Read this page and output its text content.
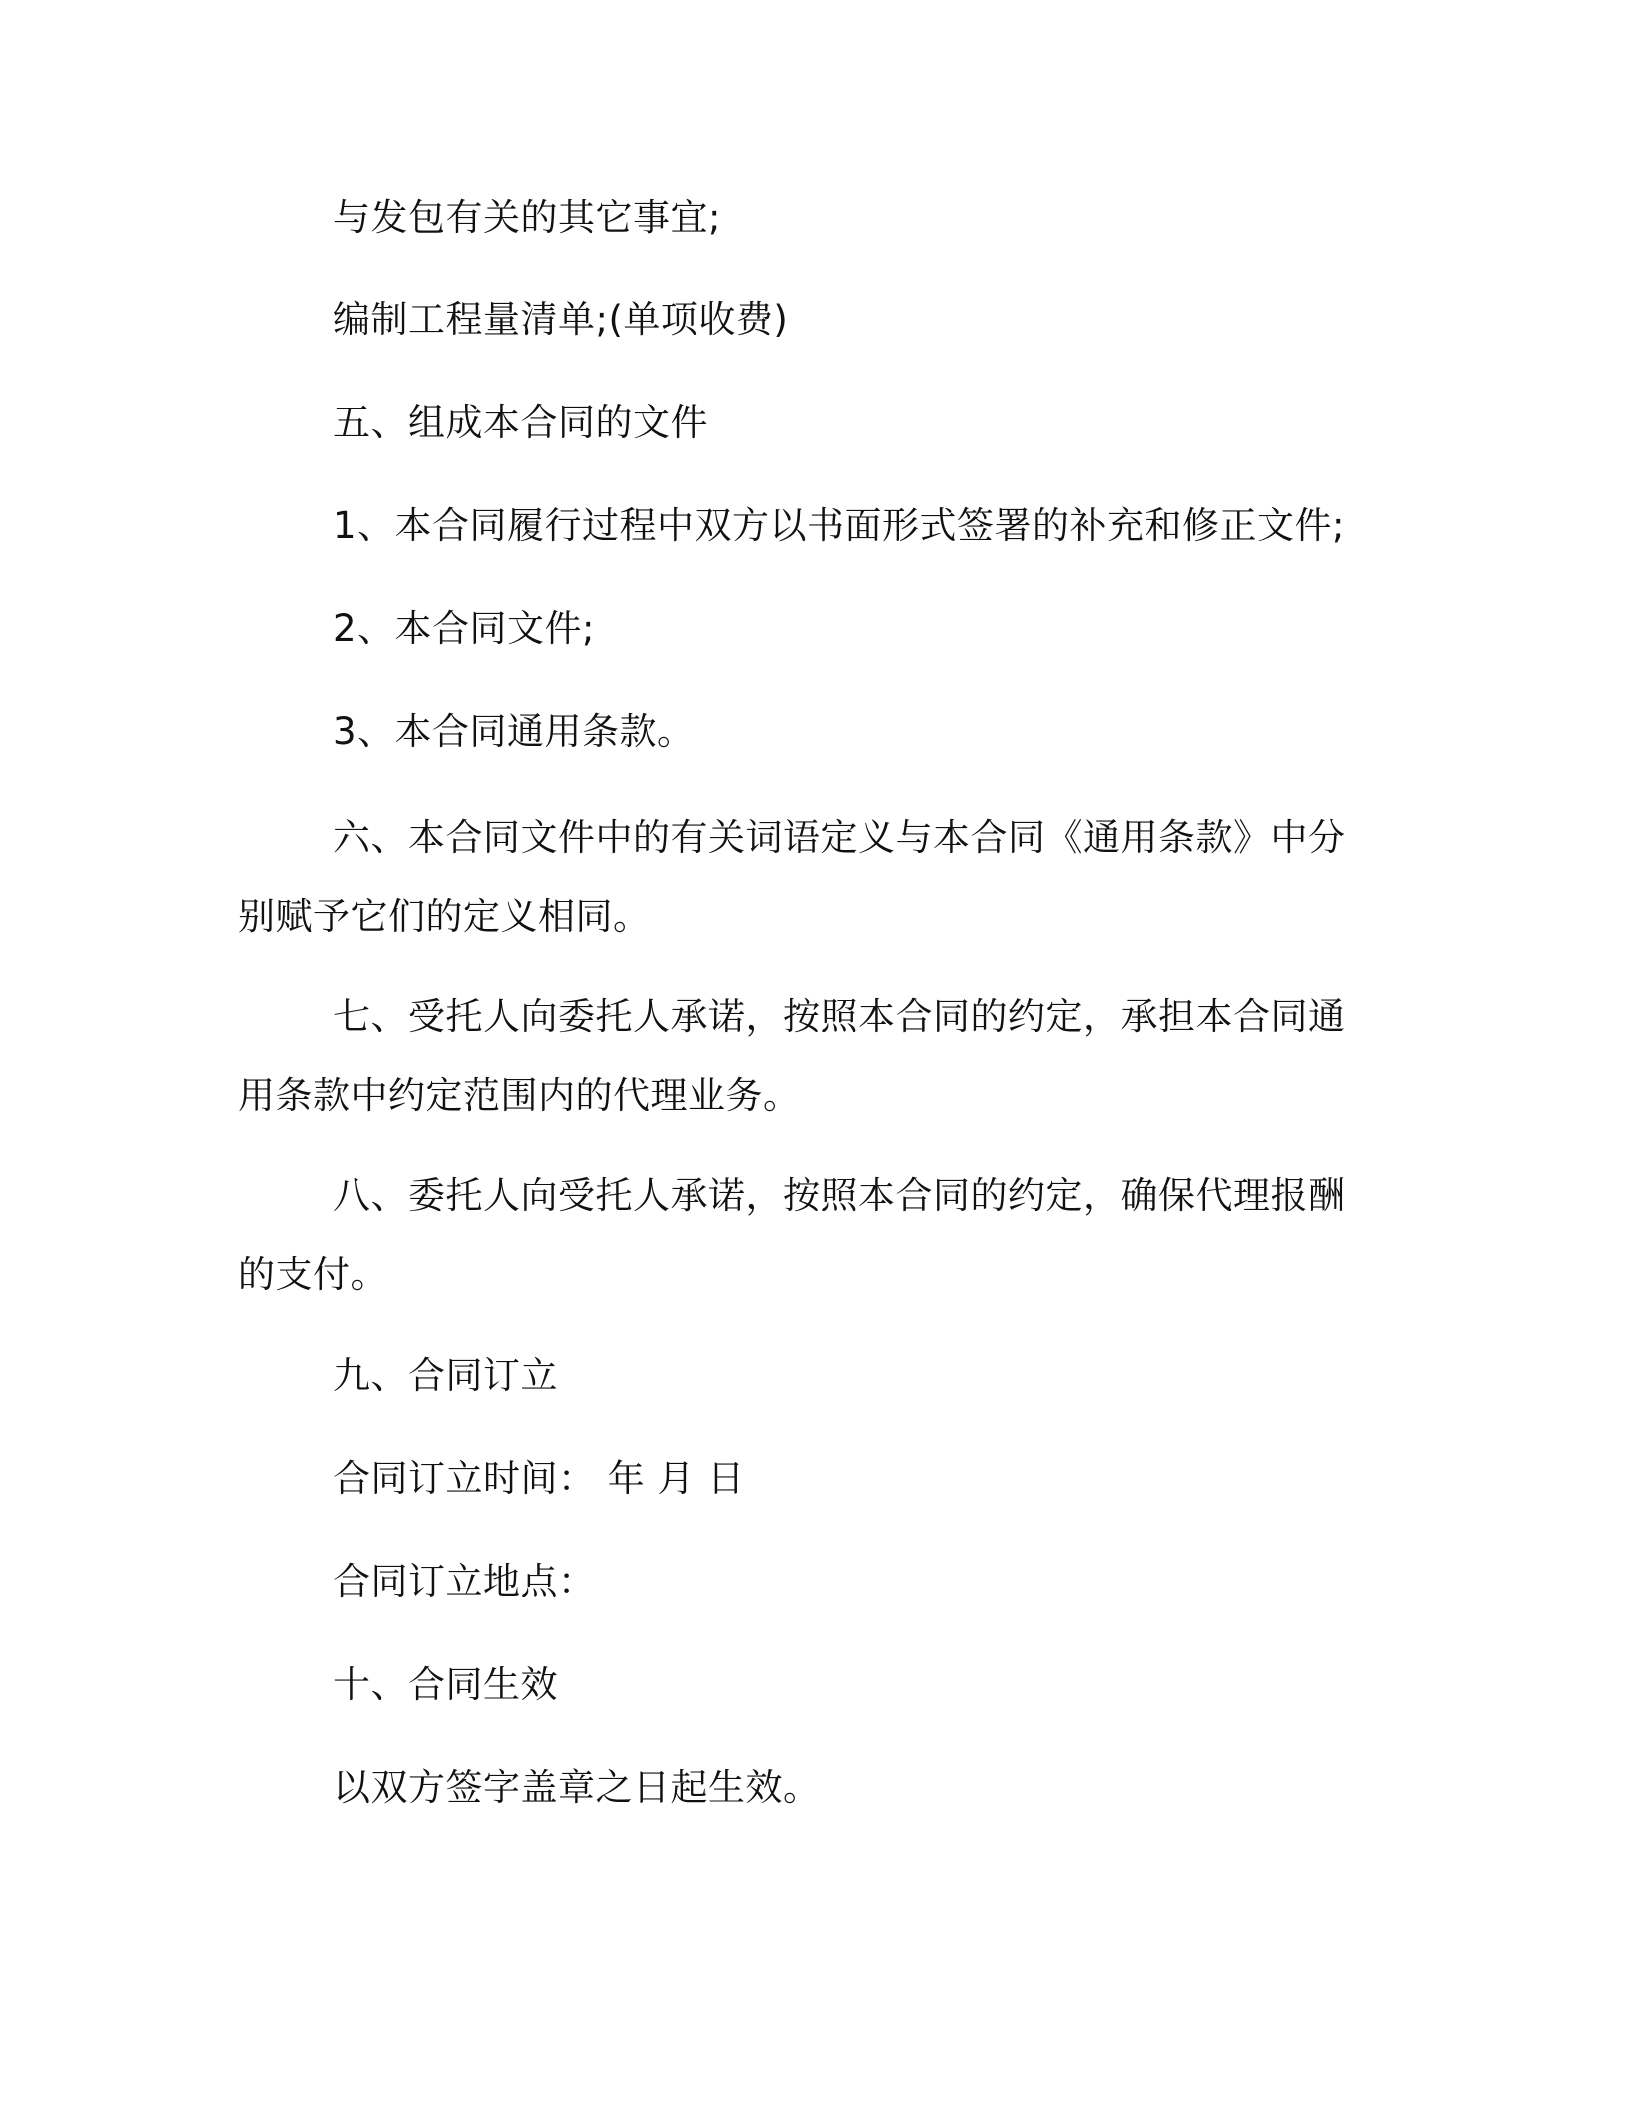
与发包有关的其它事宜;
编制工程量清单;(单项收费)
五、组成本合同的文件
1、本合同履行过程中双方以书面形式签署的补充和修正文件;
2、本合同文件;
3、本合同通用条款。
六、本合同文件中的有关词语定义与本合同《通用条款》中分别赋予它们的定义相同。
七、受托人向委托人承诺，按照本合同的约定，承担本合同通用条款中约定范围内的代理业务。
八、委托人向受托人承诺，按照本合同的约定，确保代理报酬的支付。
九、合同订立
合同订立时间： 年 月 日
合同订立地点：
十、合同生效
以双方签字盖章之日起生效。
